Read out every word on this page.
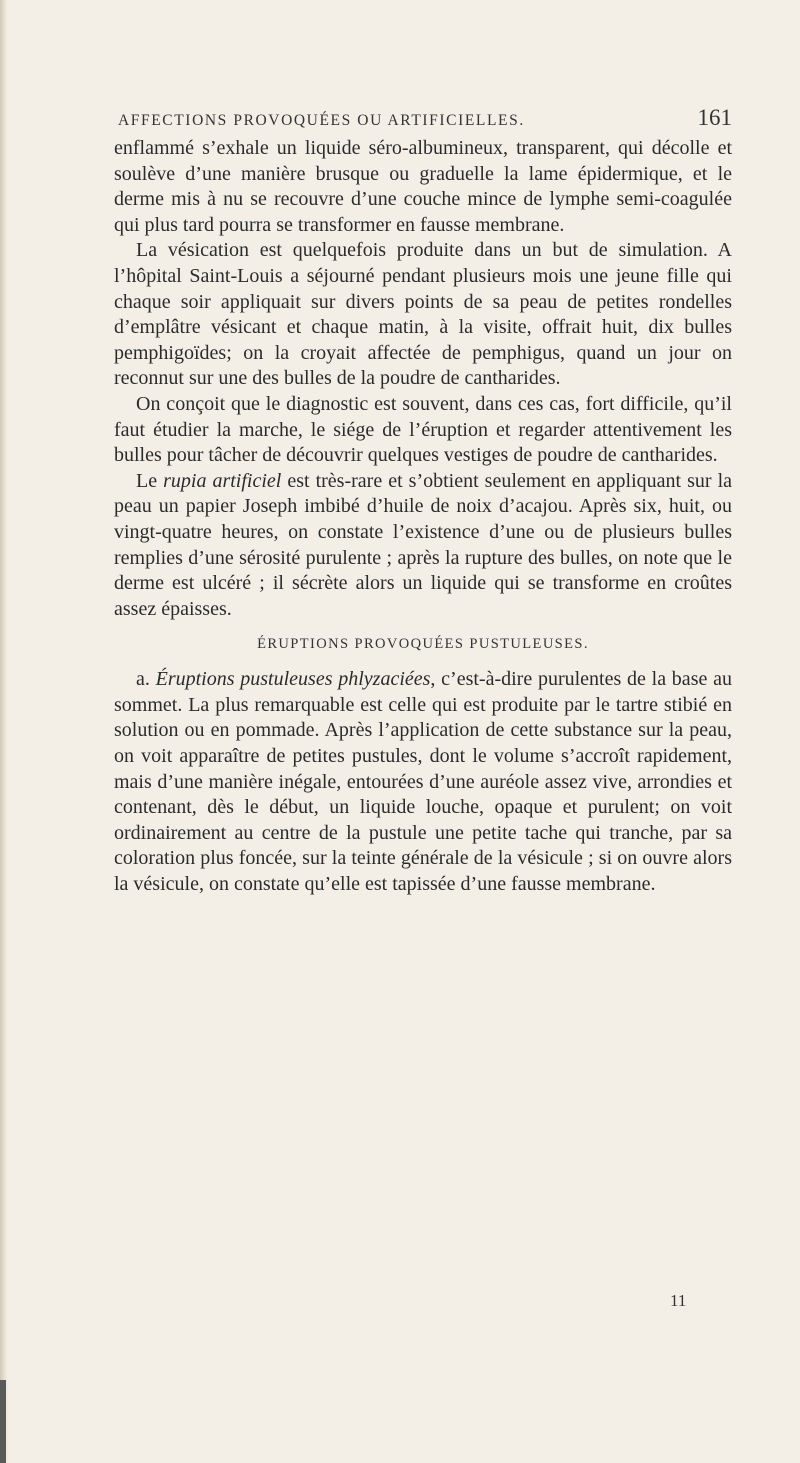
AFFECTIONS PROVOQUÉES OU ARTIFICIELLES.	161

enflammé s’exhale un liquide séro-albumineux, transparent, qui décolle et soulève d’une manière brusque ou graduelle la lame épidermique, et le derme mis à nu se recouvre d’une couche mince de lymphe semi-coagulée qui plus tard pourra se transformer en fausse membrane.

La vésication est quelquefois produite dans un but de simulation. A l’hôpital Saint-Louis a séjourné pendant plusieurs mois une jeune fille qui chaque soir appliquait sur divers points de sa peau de petites rondelles d’emplâtre vésicant et chaque matin, à la visite, offrait huit, dix bulles pemphigoïdes; on la croyait affectée de pemphigus, quand un jour on reconnut sur une des bulles de la poudre de cantharides.

On conçoit que le diagnostic est souvent, dans ces cas, fort difficile, qu’il faut étudier la marche, le siége de l’éruption et regarder attentivement les bulles pour tâcher de découvrir quelques vestiges de poudre de cantharides.

Le rupia artificiel est très-rare et s’obtient seulement en appliquant sur la peau un papier Joseph imbibé d’huile de noix d’acajou. Après six, huit, ou vingt-quatre heures, on constate l’existence d’une ou de plusieurs bulles remplies d’une sérosité purulente ; après la rupture des bulles, on note que le derme est ulcéré ; il sécrète alors un liquide qui se transforme en croûtes assez épaisses.

ÉRUPTIONS PROVOQUÉES PUSTULEUSES.

a. Éruptions pustuleuses phlyzaciées, c’est-à-dire purulentes de la base au sommet. La plus remarquable est celle qui est produite par le tartre stibié en solution ou en pommade. Après l’application de cette substance sur la peau, on voit apparaître de petites pustules, dont le volume s’accroît rapidement, mais d’une manière inégale, entourées d’une auréole assez vive, arrondies et contenant, dès le début, un liquide louche, opaque et purulent; on voit ordinairement au centre de la pustule une petite tache qui tranche, par sa coloration plus foncée, sur la teinte générale de la vésicule ; si on ouvre alors la vésicule, on constate qu’elle est tapissée d’une fausse membrane.

11
